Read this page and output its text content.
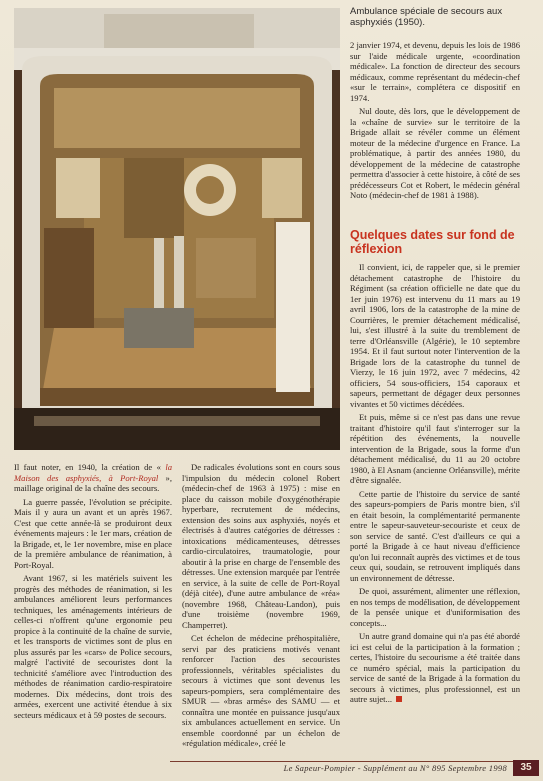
Ambulance spéciale de secours aux asphyxiés (1950).

2 janvier 1974, et devenu, depuis les lois de 1986 sur l'aide médicale urgente, «coordination médicale». La fonction de directeur des secours médicaux, comme représentant du médecin-chef «sur le terrain», complétera ce dispositif en 1974.

Nul doute, dès lors, que le développement de la «chaîne de survie» sur le territoire de la Brigade allait se révéler comme un élément moteur de la médecine d'urgence en France. La problématique, à partir des années 1980, du développement de la médecine de catastrophe permettra d'associer à cette histoire, à côté de ses prédécesseurs Cot et Robert, le médecin général Noto (médecin-chef de 1981 à 1988).

Quelques dates sur fond de réflexion

Il convient, ici, de rappeler que, si le premier détachement catastrophe de l'histoire du Régiment (sa création officielle ne date que du 1er juin 1976) est intervenu du 11 mars au 19 avril 1906, lors de la catastrophe de la mine de Courrières, le premier détachement médicalisé, lui, s'est illustré à la suite du tremblement de terre d'Orléansville (Algérie), le 10 septembre 1954. Et il faut surtout noter l'intervention de la Brigade lors de la catastrophe du tunnel de Vierzy, le 16 juin 1972, avec 7 médecins, 42 officiers, 54 sous-officiers, 154 caporaux et sapeurs, permettant de dégager deux personnes vivantes et 50 victimes décédées.

Et puis, même si ce n'est pas dans une revue traitant d'histoire qu'il faut s'interroger sur la répétition des événements, la nouvelle intervention de la Brigade, sous la forme d'un détachement médicalisé, du 11 au 20 octobre 1980, à El Asnam (ancienne Orléansville), mérite d'être signalée.

Cette partie de l'histoire du service de santé des sapeurs-pompiers de Paris montre bien, s'il en était besoin, la complémentarité permanente entre le sapeur-sauveteur-secouriste et ceux de son service de santé. C'est d'ailleurs ce qui a porté la Brigade à ce haut niveau d'efficience qu'on lui reconnaît auprès des victimes et de tous ceux qui, soudain, se retrouvent impliqués dans un environnement de détresse.

De quoi, assurément, alimenter une réflexion, en nos temps de modélisation, de développement de la pensée unique et d'uniformisation des concepts...

Un autre grand domaine qui n'a pas été abordé ici est celui de la participation à la formation ; certes, l'histoire du secourisme a été traitée dans ce numéro spécial, mais la participation du service de santé de la Brigade à la formation du secours à victimes, plus professionnel, est un autre sujet...

Il faut noter, en 1940, la création de « la Maison des asphyxiés, à Port-Royal », maillage original de la chaîne des secours.

La guerre passée, l'évolution se précipite. Mais il y aura un avant et un après 1967. C'est que cette année-là se produiront deux événements majeurs : le 1er mars, création de la Brigade, et, le 1er novembre, mise en place de la première ambulance de réanimation, à Port-Royal.

Avant 1967, si les matériels suivent les progrès des méthodes de réanimation, si les ambulances améliorent leurs performances techniques, les aménagements intérieurs de celles-ci n'offrent qu'une ergonomie peu propice à la continuité de la chaîne de survie, et les transports de victimes sont de plus en plus assurés par les «cars» de Police secours, malgré l'activité de secouristes dont la technicité s'améliore avec l'introduction des méthodes de réanimation cardio-respiratoire modernes. Dix médecins, dont trois des armées, exercent une activité étendue à six secteurs médicaux et à 59 postes de secours.

De radicales évolutions sont en cours sous l'impulsion du médecin colonel Robert (médecin-chef de 1963 à 1975) : mise en place du caisson mobile d'oxygénothérapie hyperbare, recrutement de médecins, extension des soins aux asphyxiés, noyés et électrisés à d'autres catégories de détresses : intoxications médicamenteuses, détresses cardio-circulatoires, traumatologie, pour aboutir à la prise en charge de l'ensemble des détresses. Une extension marquée par l'entrée en service, à la suite de celle de Port-Royal (déjà citée), d'une autre ambulance de «réa» (novembre 1968, Château-Landon), puis d'une troisième (novembre 1969, Champerret).

Cet échelon de médecine préhospitalière, servi par des praticiens motivés venant renforcer l'action des secouristes professionnels, véritables spécialistes du secours à victimes que sont devenus les sapeurs-pompiers, sera complémentaire des SMUR — «bras armés» des SAMU — et connaîtra une montée en puissance jusqu'aux six ambulances actuellement en service. Un ensemble coordonné par un échelon de «régulation médicale», créé le

Le Sapeur-Pompier - Supplément au N° 895 Septembre 1998	35
